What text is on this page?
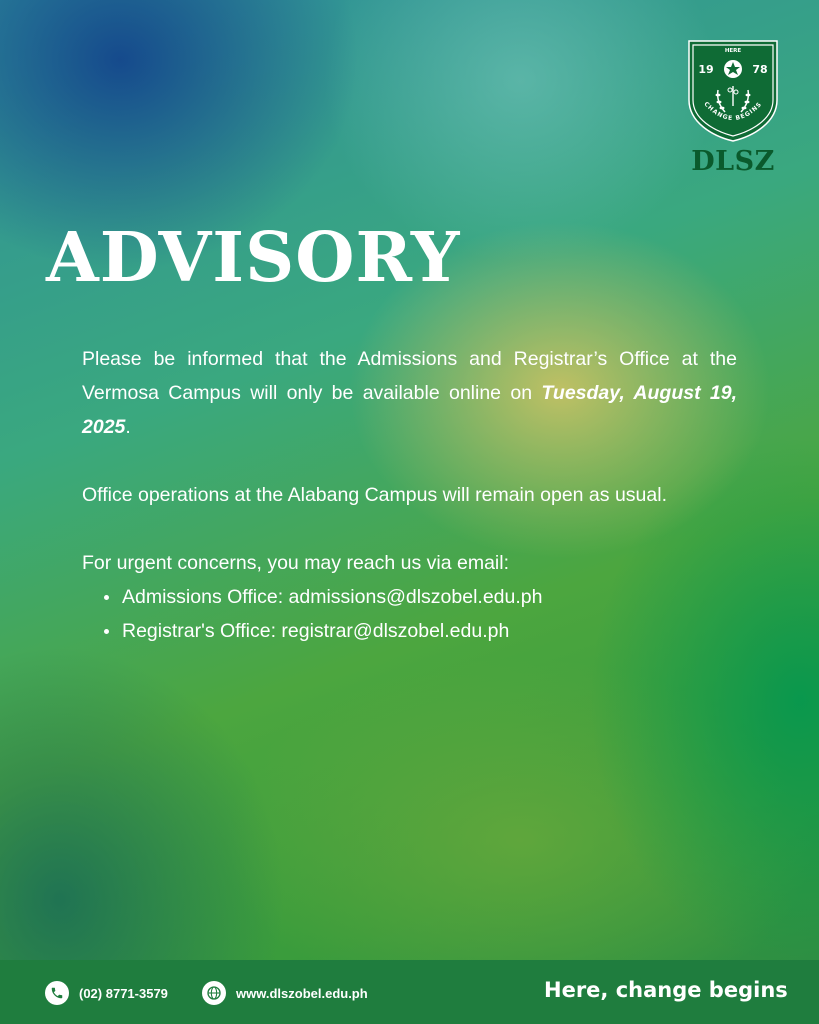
HERE
19	78
CHANGE BEGINS
DLSZ
ADVISORY

Please be informed that the Admissions and Registrar’s Office at the Vermosa Campus will only be available online on Tuesday, August 19, 2025.

Office operations at the Alabang Campus will remain open as usual.

For urgent concerns, you may reach us via email:

Admissions Office: admissions@dlszobel.edu.ph
Registrar's Office: registrar@dlszobel.edu.ph
(02) 8771-3579	www.dlszobel.edu.ph	Here, change begins
